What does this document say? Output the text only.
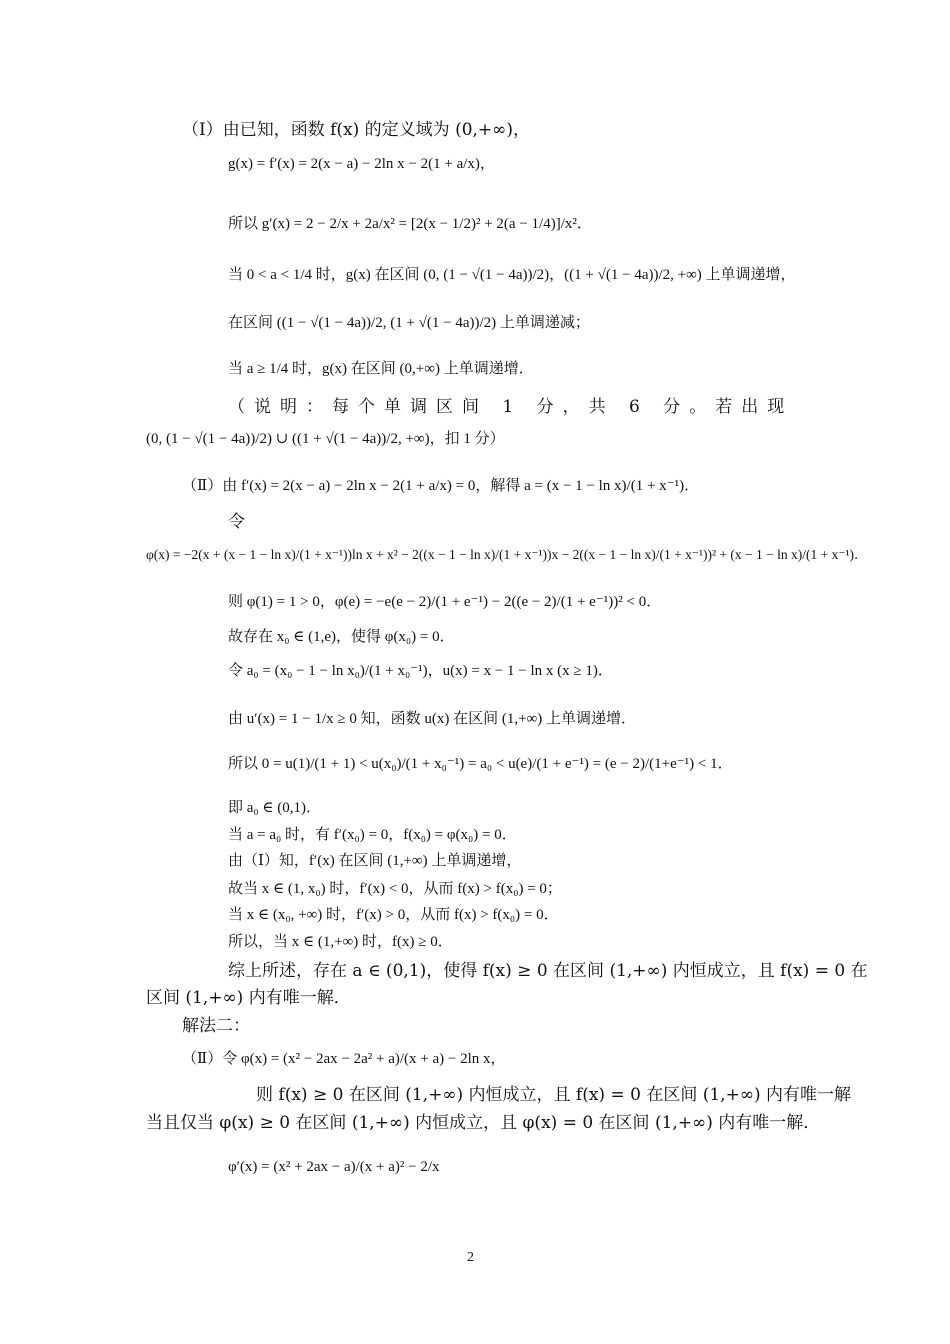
（Ⅰ）由已知，函数 f(x) 的定义域为 (0,+∞)，
g(x) = f′(x) = 2(x − a) − 2ln x − 2(1 + a/x)，
所以 g′(x) = 2 − 2/x + 2a/x² = [2(x − 1/2)² + 2(a − 1/4)]/x²．
当 0 < a < 1/4 时，g(x) 在区间 (0, (1 − √(1 − 4a))/2)，((1 + √(1 − 4a))/2, +∞) 上单调递增，
在区间 ((1 − √(1 − 4a))/2, (1 + √(1 − 4a))/2) 上单调递减；
当 a ≥ 1/4 时，g(x) 在区间 (0,+∞) 上单调递增．
（说明：每个单调区间 1 分，共 6 分。若出现
(0, (1 − √(1 − 4a))/2) ∪ ((1 + √(1 − 4a))/2, +∞)，扣 1 分）
（Ⅱ）由 f′(x) = 2(x − a) − 2ln x − 2(1 + a/x) = 0，解得 a = (x − 1 − ln x)/(1 + x⁻¹)．
令
φ(x) = −2(x + (x − 1 − ln x)/(1 + x⁻¹))ln x + x² − 2((x − 1 − ln x)/(1 + x⁻¹))x − 2((x − 1 − ln x)/(1 + x⁻¹))² + (x − 1 − ln x)/(1 + x⁻¹)．
则 φ(1) = 1 > 0，φ(e) = −e(e − 2)/(1 + e⁻¹) − 2((e − 2)/(1 + e⁻¹))² < 0．
故存在 x₀ ∈ (1,e)，使得 φ(x₀) = 0．
令 a₀ = (x₀ − 1 − ln x₀)/(1 + x₀⁻¹)，u(x) = x − 1 − ln x (x ≥ 1)．
由 u′(x) = 1 − 1/x ≥ 0 知，函数 u(x) 在区间 (1,+∞) 上单调递增．
所以 0 = u(1)/(1 + 1) < u(x₀)/(1 + x₀⁻¹) = a₀ < u(e)/(1 + e⁻¹) = (e − 2)/(1+e⁻¹) < 1．
即 a₀ ∈ (0,1)．
当 a = a₀ 时，有 f′(x₀) = 0，f(x₀) = φ(x₀) = 0．
由（Ⅰ）知，f′(x) 在区间 (1,+∞) 上单调递增，
故当 x ∈ (1, x₀) 时，f′(x) < 0，从而 f(x) > f(x₀) = 0；
当 x ∈ (x₀, +∞) 时，f′(x) > 0，从而 f(x) > f(x₀) = 0．
所以，当 x ∈ (1,+∞) 时，f(x) ≥ 0．
综上所述，存在 a ∈ (0,1)，使得 f(x) ≥ 0 在区间 (1,+∞) 内恒成立，且 f(x) = 0 在
区间 (1,+∞) 内有唯一解．
解法二：
（Ⅱ）令 φ(x) = (x² − 2ax − 2a² + a)/(x + a) − 2ln x，
则 f(x) ≥ 0 在区间 (1,+∞) 内恒成立，且 f(x) = 0 在区间 (1,+∞) 内有唯一解
当且仅当 φ(x) ≥ 0 在区间 (1,+∞) 内恒成立，且 φ(x) = 0 在区间 (1,+∞) 内有唯一解．
φ′(x) = (x² + 2ax − a)/(x + a)² − 2/x
2
